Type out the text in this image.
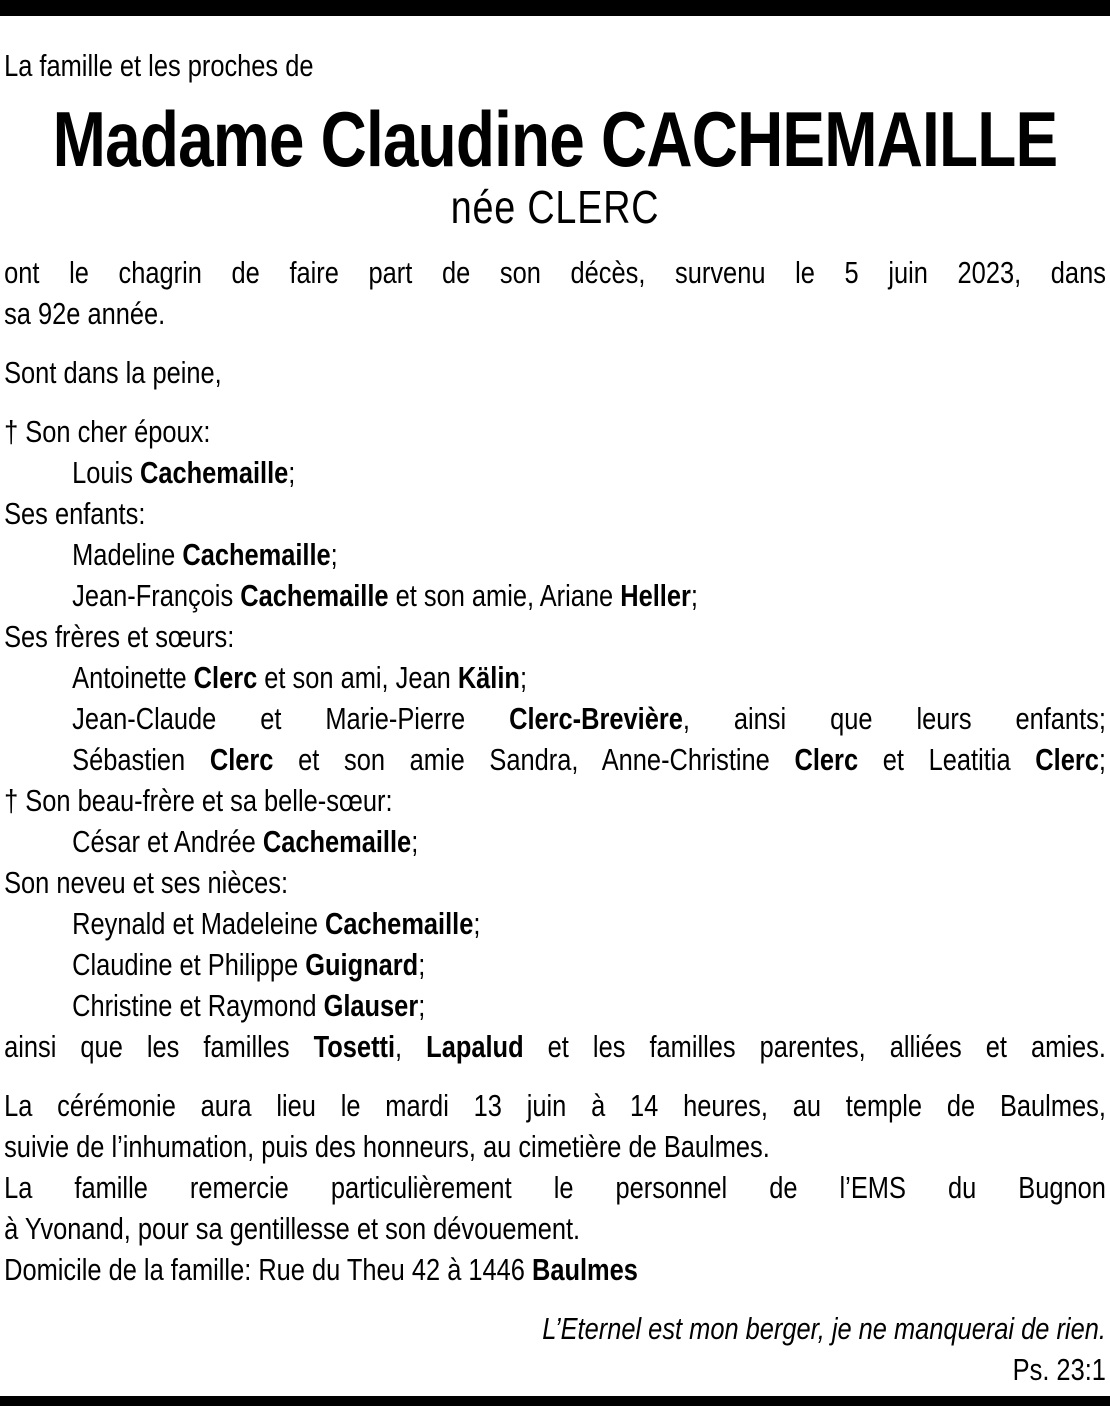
La famille et les proches de
Madame Claudine CACHEMAILLE
née CLERC
ont le chagrin de faire part de son décès, survenu le 5 juin 2023, dans
sa 92e année.
Sont dans la peine,
† Son cher époux:
Louis Cachemaille;
Ses enfants:
Madeline Cachemaille;
Jean-François Cachemaille et son amie, Ariane Heller;
Ses frères et sœurs:
Antoinette Clerc et son ami, Jean Kälin;
Jean-Claude et Marie-Pierre Clerc-Brevière, ainsi que leurs enfants;
Sébastien Clerc et son amie Sandra, Anne-Christine Clerc et Leatitia Clerc;
† Son beau-frère et sa belle-sœur:
César et Andrée Cachemaille;
Son neveu et ses nièces:
Reynald et Madeleine Cachemaille;
Claudine et Philippe Guignard;
Christine et Raymond Glauser;
ainsi que les familles Tosetti, Lapalud et les familles parentes, alliées et amies.
La cérémonie aura lieu le mardi 13 juin à 14 heures, au temple de Baulmes,
suivie de l’inhumation, puis des honneurs, au cimetière de Baulmes.
La famille remercie particulièrement le personnel de l’EMS du Bugnon
à Yvonand, pour sa gentillesse et son dévouement.
Domicile de la famille: Rue du Theu 42 à 1446 Baulmes
L’Eternel est mon berger, je ne manquerai de rien.
Ps. 23:1
